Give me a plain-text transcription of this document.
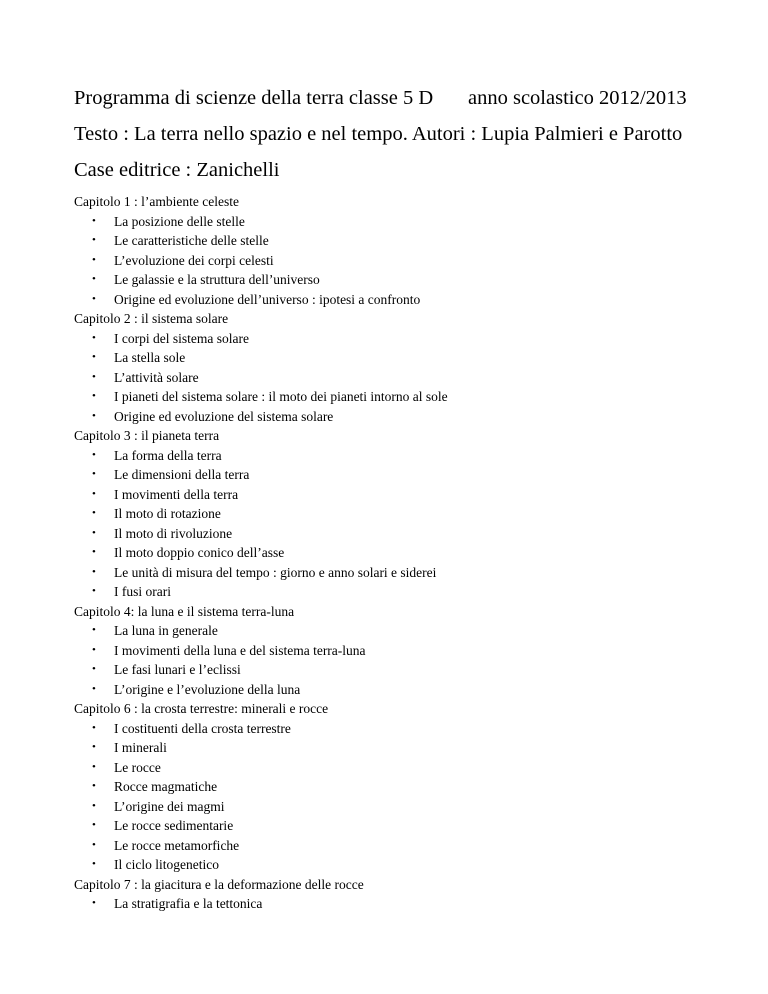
Programma di scienze della terra classe 5 D anno scolastico 2012/2013

Testo : La terra nello spazio e nel tempo. Autori : Lupia Palmieri e Parotto

Case editrice : Zanichelli

Capitolo 1 : l’ambiente celeste
• La posizione delle stelle
• Le caratteristiche delle stelle
• L’evoluzione dei corpi celesti
• Le galassie e la struttura dell’universo
• Origine ed evoluzione dell’universo : ipotesi a confronto
Capitolo 2 : il sistema solare
• I corpi del sistema solare
• La stella sole
• L’attività solare
• I pianeti del sistema solare : il moto dei pianeti intorno al sole
• Origine ed evoluzione del sistema solare
Capitolo 3 : il pianeta terra
• La forma della terra
• Le dimensioni della terra
• I movimenti della terra
• Il moto di rotazione
• Il moto di rivoluzione
• Il moto doppio conico dell’asse
• Le unità di misura del tempo : giorno e anno solari e siderei
• I fusi orari
Capitolo 4: la luna e il sistema terra-luna
• La luna in generale
• I movimenti della luna e del sistema terra-luna
• Le fasi lunari e l’eclissi
• L’origine e l’evoluzione della luna
Capitolo 6 : la crosta terrestre: minerali e rocce
• I costituenti della crosta terrestre
• I minerali
• Le rocce
• Rocce magmatiche
• L’origine dei magmi
• Le rocce sedimentarie
• Le rocce metamorfiche
• Il ciclo litogenetico
Capitolo 7 : la giacitura e la deformazione delle rocce
• La stratigrafia e la tettonica
